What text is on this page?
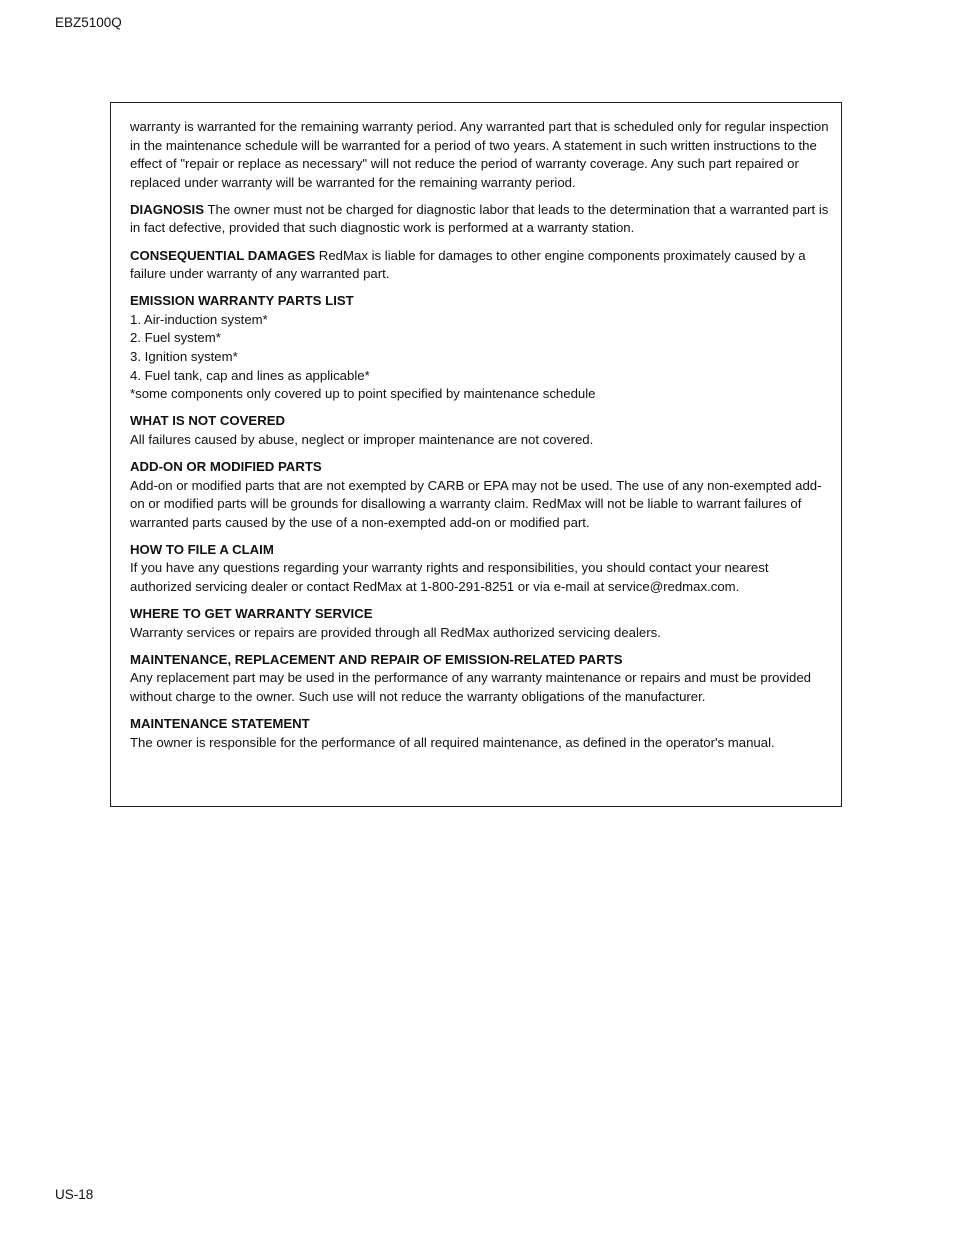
EBZ5100Q

warranty is warranted for the remaining warranty period. Any warranted part that is scheduled only for regular inspection in the maintenance schedule will be warranted for a period of two years. A statement in such written instructions to the effect of "repair or replace as necessary" will not reduce the period of warranty coverage. Any such part repaired or replaced under warranty will be warranted for the remaining warranty period.

DIAGNOSIS The owner must not be charged for diagnostic labor that leads to the determination that a warranted part is in fact defective, provided that such diagnostic work is performed at a warranty station.

CONSEQUENTIAL DAMAGES RedMax is liable for damages to other engine components proximately caused by a failure under warranty of any warranted part.

EMISSION WARRANTY PARTS LIST
1. Air-induction system*
2. Fuel system*
3. Ignition system*
4. Fuel tank, cap and lines as applicable*
*some components only covered up to point specified by maintenance schedule

WHAT IS NOT COVERED
All failures caused by abuse, neglect or improper maintenance are not covered.

ADD-ON OR MODIFIED PARTS
Add-on or modified parts that are not exempted by CARB or EPA may not be used. The use of any non-exempted add-on or modified parts will be grounds for disallowing a warranty claim. RedMax will not be liable to warrant failures of warranted parts caused by the use of a non-exempted add-on or modified part.

HOW TO FILE A CLAIM
If you have any questions regarding your warranty rights and responsibilities, you should contact your nearest authorized servicing dealer or contact RedMax at 1-800-291-8251 or via e-mail at service@redmax.com.

WHERE TO GET WARRANTY SERVICE
Warranty services or repairs are provided through all RedMax authorized servicing dealers.

MAINTENANCE, REPLACEMENT AND REPAIR OF EMISSION-RELATED PARTS
Any replacement part may be used in the performance of any warranty maintenance or repairs and must be provided without charge to the owner. Such use will not reduce the warranty obligations of the manufacturer.

MAINTENANCE STATEMENT
The owner is responsible for the performance of all required maintenance, as defined in the operator's manual.

US-18
